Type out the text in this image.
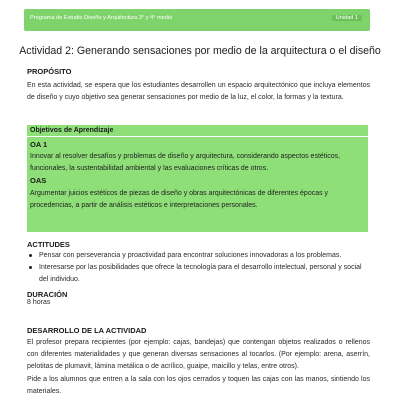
Programa de Estudio Diseño y Arquitectura 3° y 4° medio	Unidad 1
Actividad 2: Generando sensaciones por medio de la arquitectura o el diseño
PROPÓSITO
En esta actividad, se espera que los estudiantes desarrollen un espacio arquitectónico que incluya elementos de diseño y cuyo objetivo sea generar sensaciones por medio de la luz, el color, la formas y la textura.
Objetivos de Aprendizaje
OA 1
Innovar al resolver desafíos y problemas de diseño y arquitectura, considerando aspectos estéticos, funcionales, la sustentabilidad ambiental y las evaluaciones críticas de otros.
OAS
Argumentar juicios estéticos de piezas de diseño y obras arquitectónicas de diferentes épocas y procedencias, a partir de análisis estéticos e interpretaciones personales.
ACTITUDES
Pensar con perseverancia y proactividad para encontrar soluciones innovadoras a los problemas.
Interesarse por las posibilidades que ofrece la tecnología para el desarrollo intelectual, personal y social del individuo.
DURACIÓN
8 horas
DESARROLLO DE LA ACTIVIDAD
El profesor prepara recipientes (por ejemplo: cajas, bandejas) que contengan objetos realizados o rellenos con diferentes materialidades y que generan diversas sensaciones al tocarlos. (Por ejemplo: arena, aserrín, pelotitas de plumavit, lámina metálica o de acrílico, guaipe, maicillo y telas, entre otros).
Pide a los alumnos que entren a la sala con los ojos cerrados y toquen las cajas con las manos, sintiendo los materiales.
